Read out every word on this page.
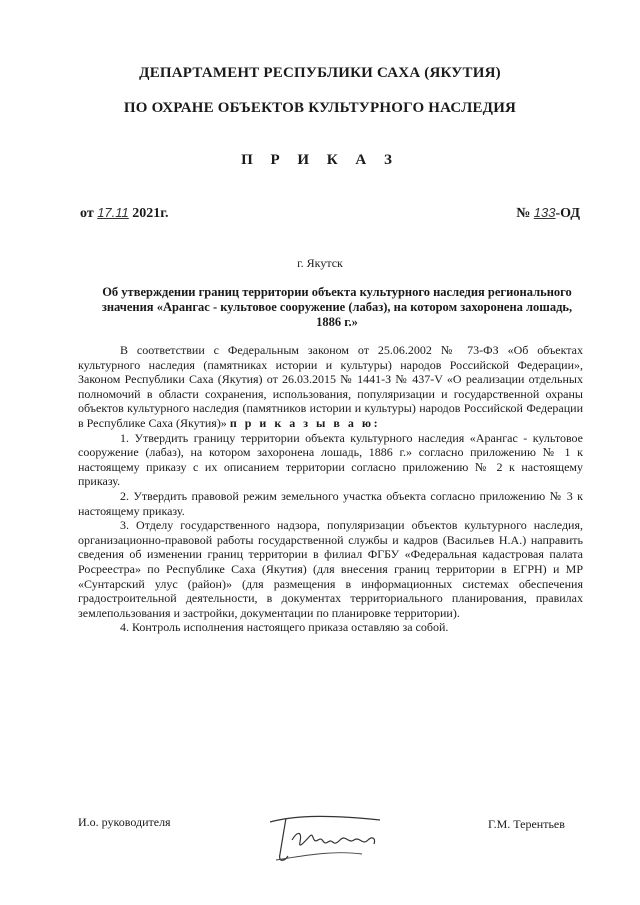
ДЕПАРТАМЕНТ РЕСПУБЛИКИ САХА (ЯКУТИЯ)
ПО ОХРАНЕ ОБЪЕКТОВ КУЛЬТУРНОГО НАСЛЕДИЯ
П Р И К А З
от 17.11 2021г.	№ 133-ОД
г. Якутск
Об утверждении границ территории объекта культурного наследия регионального значения «Арангас - культовое сооружение (лабаз), на котором захоронена лошадь, 1886 г.»

В соответствии с Федеральным законом от 25.06.2002 № 73-ФЗ «Об объектах культурного наследия (памятниках истории и культуры) народов Российской Федерации», Законом Республики Саха (Якутия) от 26.03.2015 № 1441-З № 437-V «О реализации отдельных полномочий в области сохранения, использования, популяризации и государственной охраны объектов культурного наследия (памятников истории и культуры) народов Российской Федерации в Республике Саха (Якутия)» п р и к а з ы в а ю:

1. Утвердить границу территории объекта культурного наследия «Арангас - культовое сооружение (лабаз), на котором захоронена лошадь, 1886 г.» согласно приложению № 1 к настоящему приказу с их описанием территории согласно приложению № 2 к настоящему приказу.

2. Утвердить правовой режим земельного участка объекта согласно приложению № 3 к настоящему приказу.

3. Отделу государственного надзора, популяризации объектов культурного наследия, организационно-правовой работы государственной службы и кадров (Васильев Н.А.) направить сведения об изменении границ территории в филиал ФГБУ «Федеральная кадастровая палата Росреестра» по Республике Саха (Якутия) (для внесения границ территории в ЕГРН) и МР «Сунтарский улус (район)» (для размещения в информационных системах обеспечения градостроительной деятельности, в документах территориального планирования, правилах землепользования и застройки, документации по планировке территории).

4. Контроль исполнения настоящего приказа оставляю за собой.

И.о. руководителя	Г.М. Терентьев
